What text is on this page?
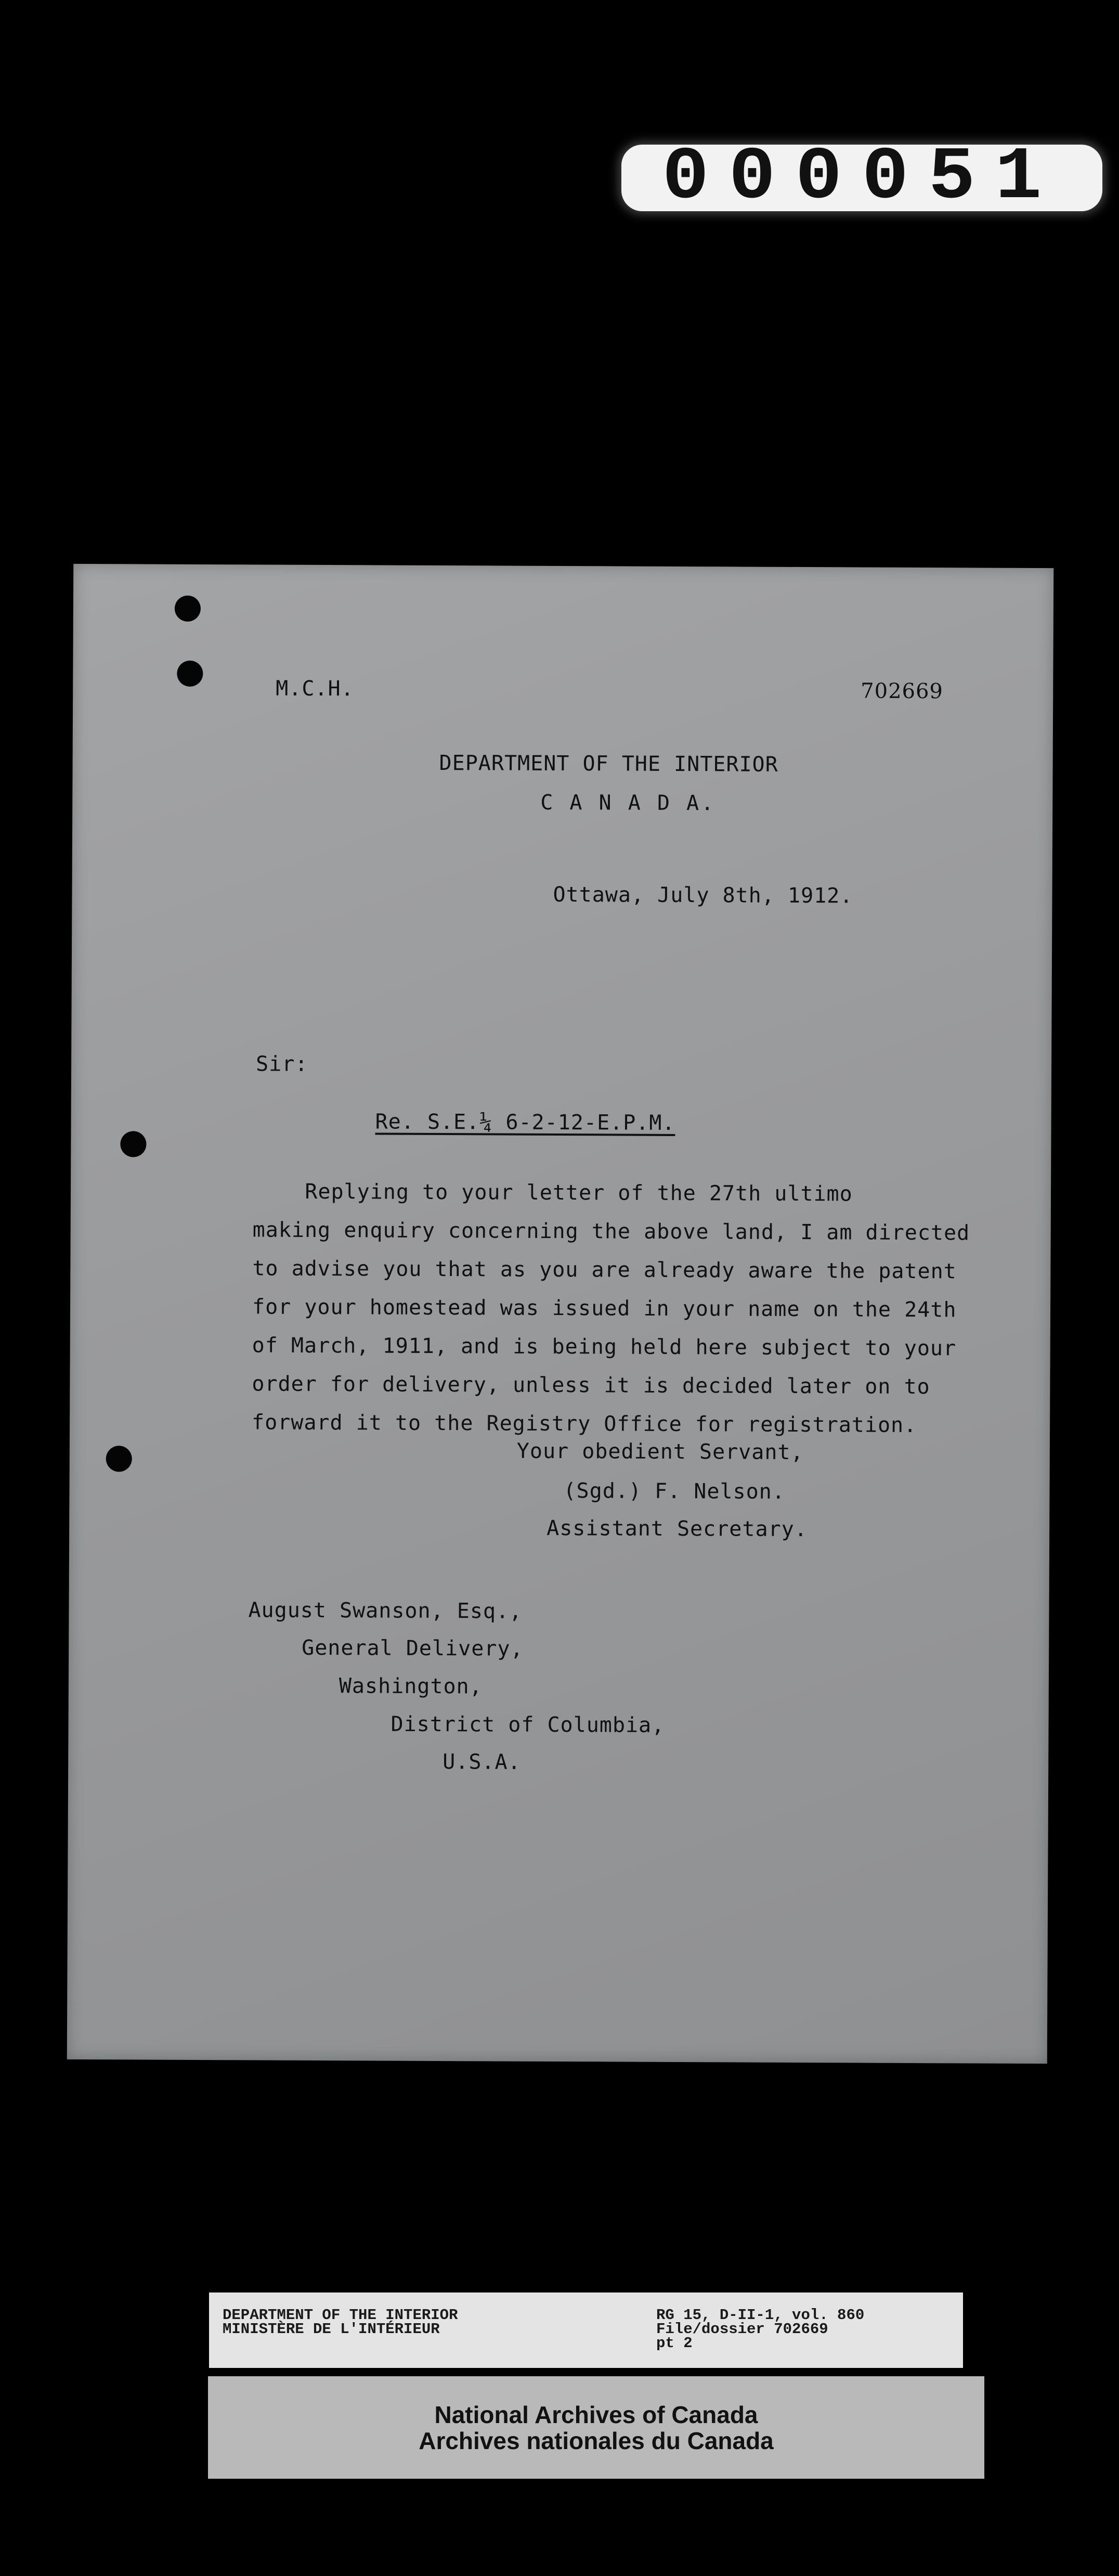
000051
M.C.H.	702669
DEPARTMENT OF THE INTERIOR
C A N A D A.
Ottawa, July 8th, 1912.
Sir:
Re. S.E.¼ 6-2-12-E.P.M.
Replying to your letter of the 27th ultimo
making enquiry concerning the above land, I am directed
to advise you that as you are already aware the patent
for your homestead was issued in your name on the 24th
of March, 1911, and is being held here subject to your
order for delivery, unless it is decided later on to
forward it to the Registry Office for registration.
Your obedient Servant,
(Sgd.) F. Nelson.
Assistant Secretary.
August Swanson, Esq.,
General Delivery,
Washington,
District of Columbia,
U.S.A.
DEPARTMENT OF THE INTERIOR
MINISTÈRE DE L'INTÉRIEUR
RG 15, D-II-1, vol. 860
File/dossier 702669
pt 2
National Archives of Canada
Archives nationales du Canada
